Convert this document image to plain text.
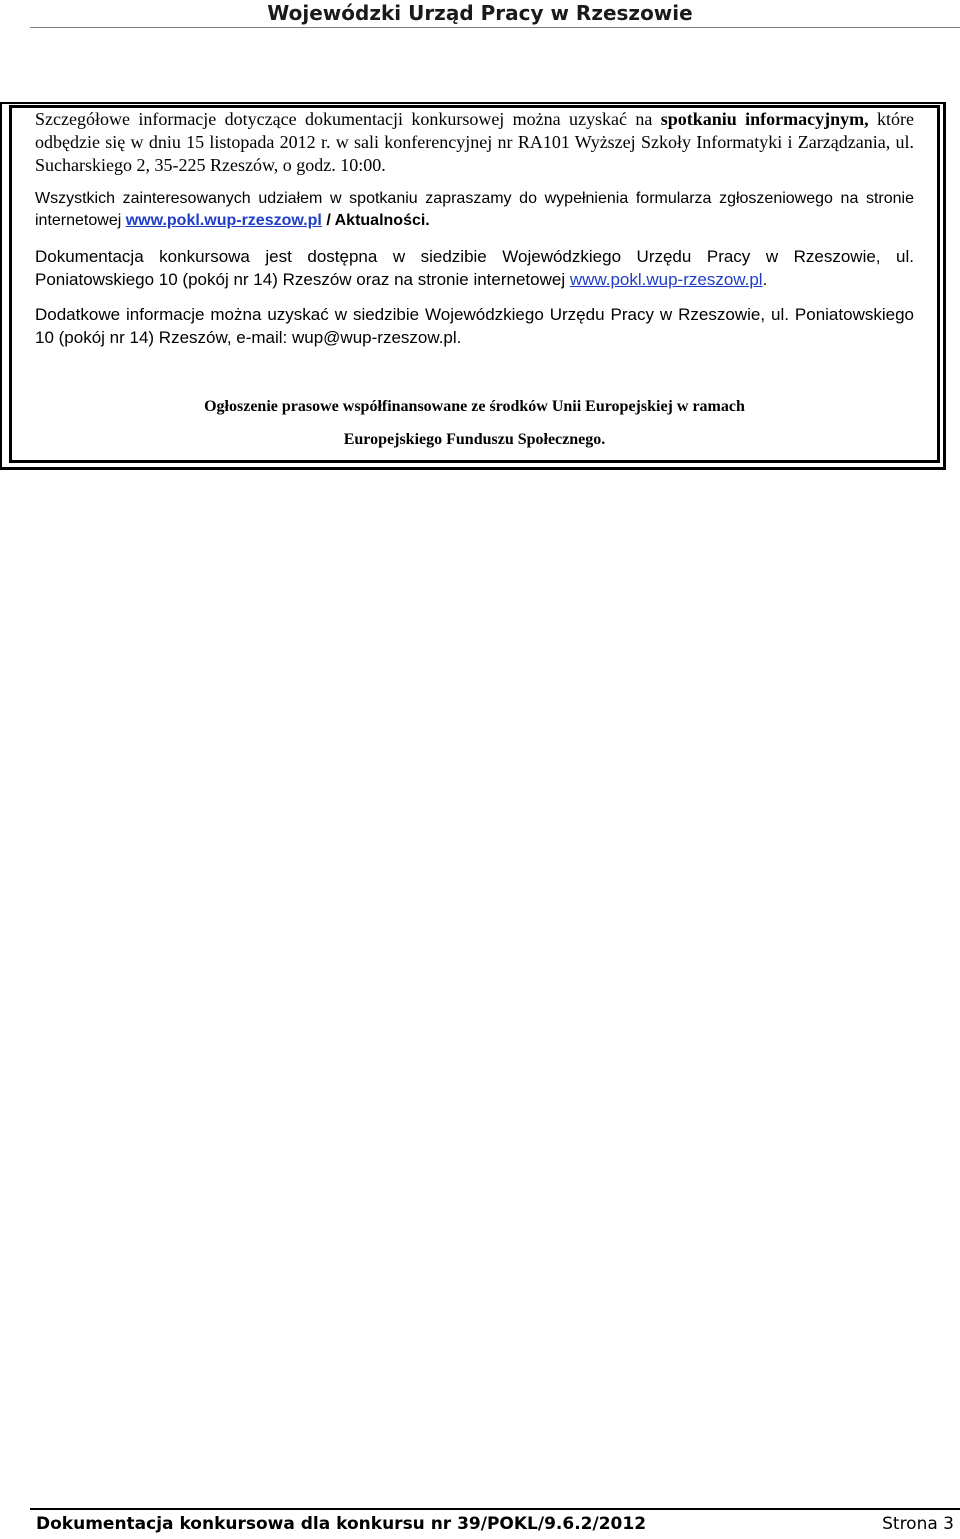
Wojewódzki Urząd Pracy w Rzeszowie

Szczegółowe informacje dotyczące dokumentacji konkursowej można uzyskać na spotkaniu informacyjnym, które odbędzie się w dniu 15 listopada 2012 r. w sali konferencyjnej nr RA101 Wyższej Szkoły Informatyki i Zarządzania, ul. Sucharskiego 2, 35-225 Rzeszów, o godz. 10:00.

Wszystkich zainteresowanych udziałem w spotkaniu zapraszamy do wypełnienia formularza zgłoszeniowego na stronie internetowej www.pokl.wup-rzeszow.pl / Aktualności.

Dokumentacja konkursowa jest dostępna w siedzibie Wojewódzkiego Urzędu Pracy w Rzeszowie, ul. Poniatowskiego 10 (pokój nr 14) Rzeszów oraz na stronie internetowej www.pokl.wup-rzeszow.pl.

Dodatkowe informacje można uzyskać w siedzibie Wojewódzkiego Urzędu Pracy w Rzeszowie, ul. Poniatowskiego 10 (pokój nr 14) Rzeszów, e-mail: wup@wup-rzeszow.pl.

Ogłoszenie prasowe współfinansowane ze środków Unii Europejskiej w ramach
Europejskiego Funduszu Społecznego.
Dokumentacja konkursowa dla konkursu nr 39/POKL/9.6.2/2012	Strona 3
